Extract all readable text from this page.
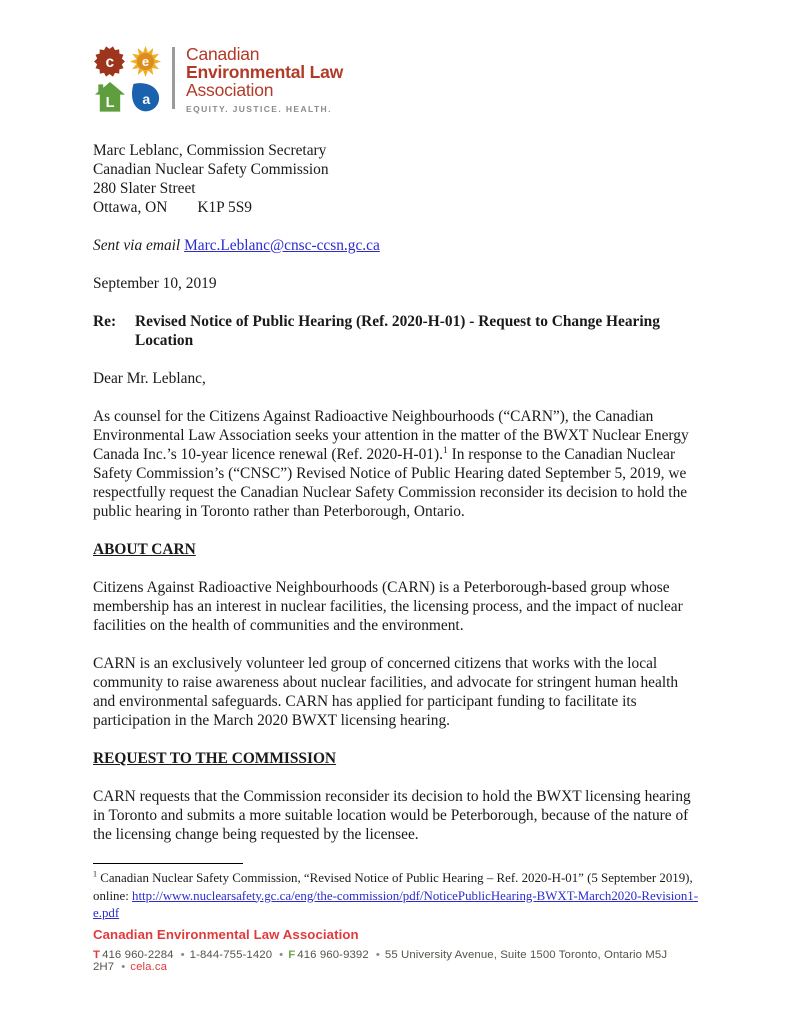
c e
L a
Canadian
Environmental Law
Association
EQUITY. JUSTICE. HEALTH.
Marc Leblanc, Commission Secretary
Canadian Nuclear Safety Commission
280 Slater Street
Ottawa, ON K1P 5S9
Sent via email Marc.Leblanc@cnsc-ccsn.gc.ca
September 10, 2019
Re:	Revised Notice of Public Hearing (Ref. 2020-H-01) - Request to Change Hearing Location
Dear Mr. Leblanc,

As counsel for the Citizens Against Radioactive Neighbourhoods (“CARN”), the Canadian Environmental Law Association seeks your attention in the matter of the BWXT Nuclear Energy Canada Inc.’s 10-year licence renewal (Ref. 2020-H-01).$^1$ In response to the Canadian Nuclear Safety Commission’s (“CNSC”) Revised Notice of Public Hearing dated September 5, 2019, we respectfully request the Canadian Nuclear Safety Commission reconsider its decision to hold the public hearing in Toronto rather than Peterborough, Ontario.

ABOUT CARN

Citizens Against Radioactive Neighbourhoods (CARN) is a Peterborough-based group whose membership has an interest in nuclear facilities, the licensing process, and the impact of nuclear facilities on the health of communities and the environment.

CARN is an exclusively volunteer led group of concerned citizens that works with the local community to raise awareness about nuclear facilities, and advocate for stringent human health and environmental safeguards. CARN has applied for participant funding to facilitate its participation in the March 2020 BWXT licensing hearing.

REQUEST TO THE COMMISSION

CARN requests that the Commission reconsider its decision to hold the BWXT licensing hearing in Toronto and submits a more suitable location would be Peterborough, because of the nature of the licensing change being requested by the licensee.

$^1$ Canadian Nuclear Safety Commission, “Revised Notice of Public Hearing – Ref. 2020-H-01” (5 September 2019), online: http://www.nuclearsafety.gc.ca/eng/the-commission/pdf/NoticePublicHearing-BWXT-March2020-Revision1-e.pdf
Canadian Environmental Law Association
T 416 960-2284 • 1-844-755-1420 • F 416 960-9392 • 55 University Avenue, Suite 1500 Toronto, Ontario M5J 2H7 • cela.ca
